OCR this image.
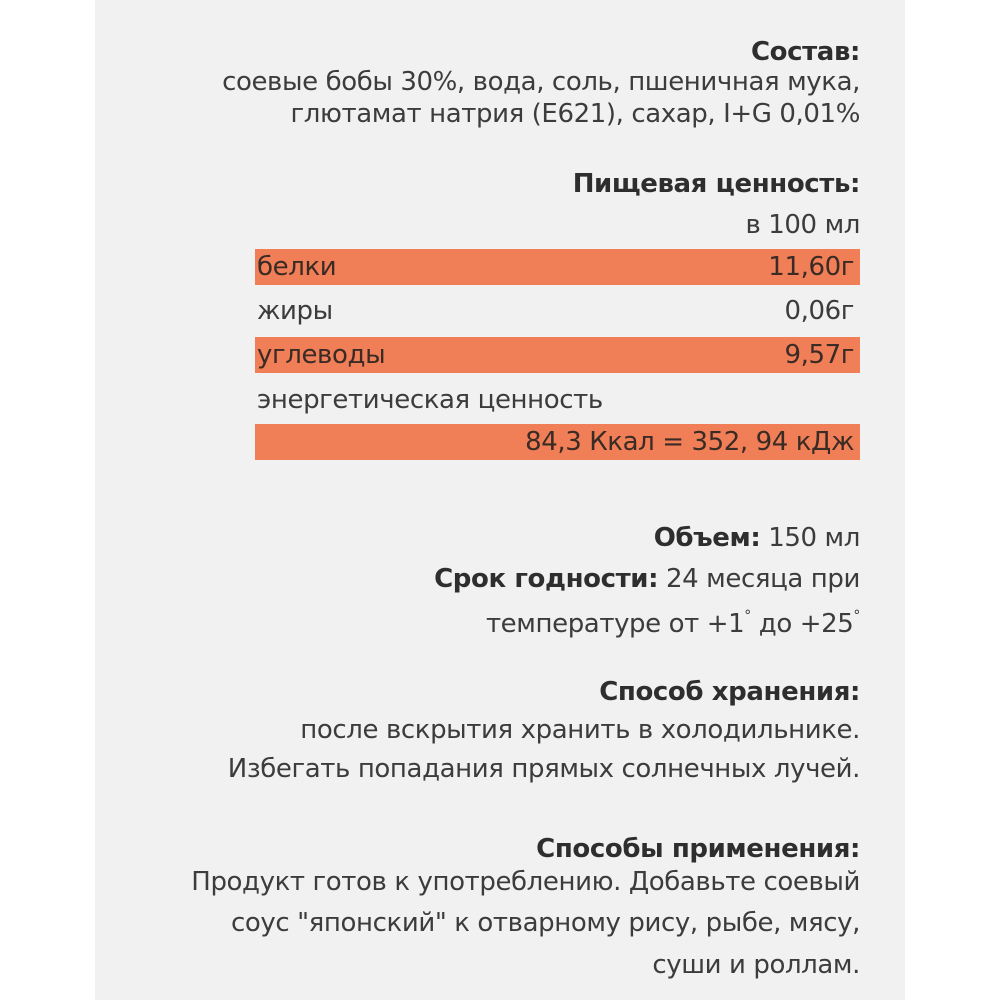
Состав:
соевые бобы 30%, вода, соль, пшеничная мука,
глютамат натрия (Е621), сахар, I+G 0,01%
Пищевая ценность:
в 100 мл
белки	11,60г
жиры	0,06г
углеводы	9,57г
энергетическая ценность
84,3 Ккал = 352, 94 кДж
Объем: 150 мл
Срок годности: 24 месяца при
температуре от +1° до +25°
Способ хранения:
после вскрытия хранить в холодильнике.
Избегать попадания прямых солнечных лучей.
Способы применения:
Продукт готов к употреблению. Добавьте соевый
соус "японский" к отварному рису, рыбе, мясу,
суши и роллам.
